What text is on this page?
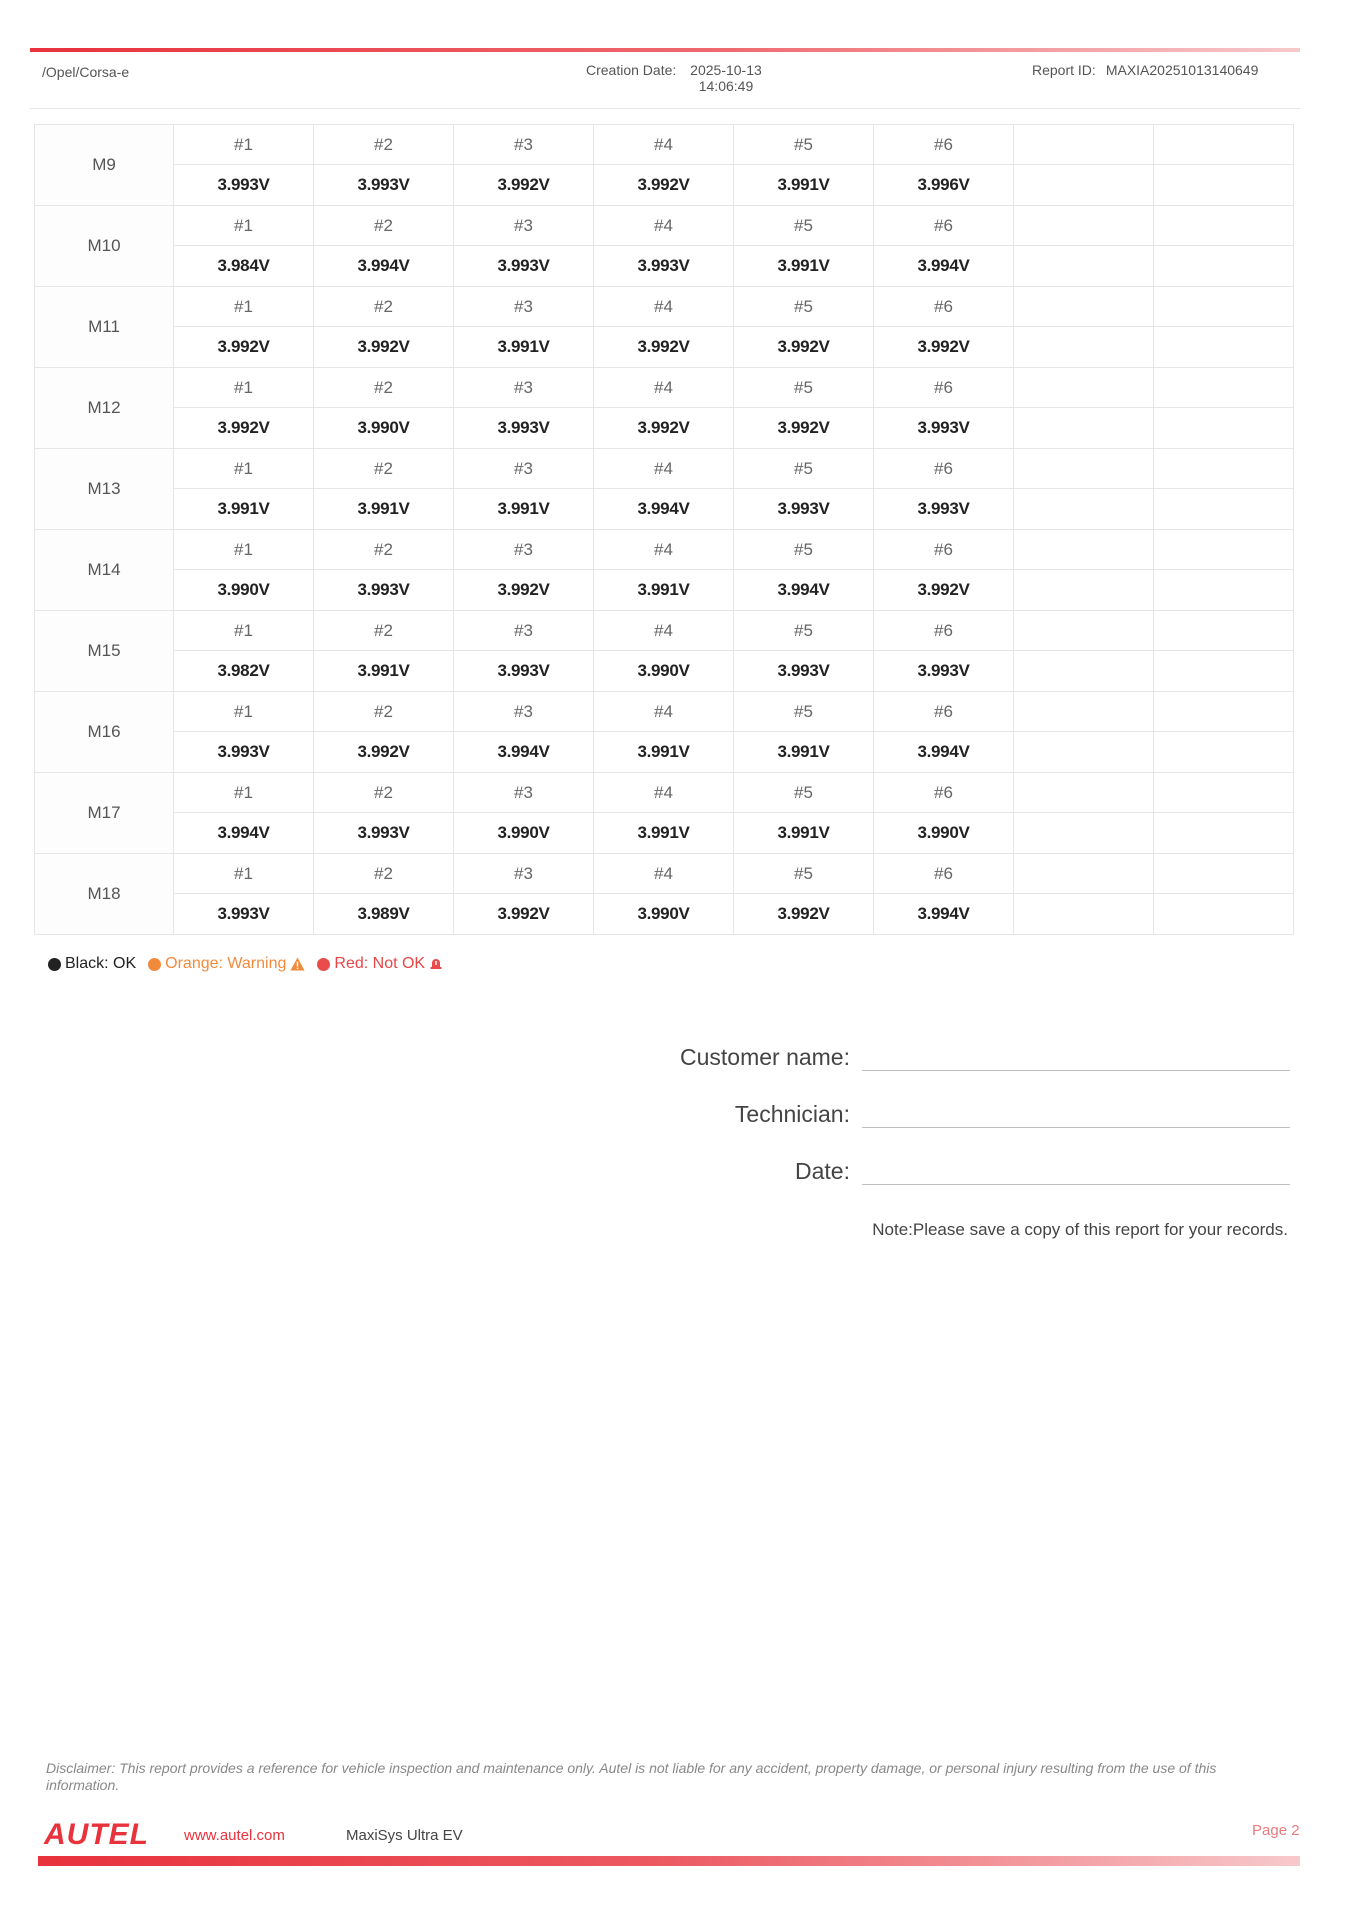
/Opel/Corsa-e	Creation Date: 2025-10-13
14:06:49
Report ID: MAXIA20251013140649
M9	#1	#2	#3	#4	#5	#6		
	3.993V	3.993V	3.992V	3.992V	3.991V	3.996V		
M10	#1	#2	#3	#4	#5	#6		
	3.984V	3.994V	3.993V	3.993V	3.991V	3.994V		
M11	#1	#2	#3	#4	#5	#6		
	3.992V	3.992V	3.991V	3.992V	3.992V	3.992V		
M12	#1	#2	#3	#4	#5	#6		
	3.992V	3.990V	3.993V	3.992V	3.992V	3.993V		
M13	#1	#2	#3	#4	#5	#6		
	3.991V	3.991V	3.991V	3.994V	3.993V	3.993V		
M14	#1	#2	#3	#4	#5	#6		
	3.990V	3.993V	3.992V	3.991V	3.994V	3.992V		
M15	#1	#2	#3	#4	#5	#6		
	3.982V	3.991V	3.993V	3.990V	3.993V	3.993V		
M16	#1	#2	#3	#4	#5	#6		
	3.993V	3.992V	3.994V	3.991V	3.991V	3.994V		
M17	#1	#2	#3	#4	#5	#6		
	3.994V	3.993V	3.990V	3.991V	3.991V	3.990V		
M18	#1	#2	#3	#4	#5	#6		
	3.993V	3.989V	3.992V	3.990V	3.992V	3.994V		
Black: OK Orange: Warning	Red: Not OK
Customer name:
Technician:
Date:
Note:Please save a copy of this report for your records.
Disclaimer: This report provides a reference for vehicle inspection and maintenance only. Autel is not liable for any accident, property damage, or personal injury resulting from the use of this information.
AUTEL www.autel.com	MaxiSys Ultra EV	Page 2
